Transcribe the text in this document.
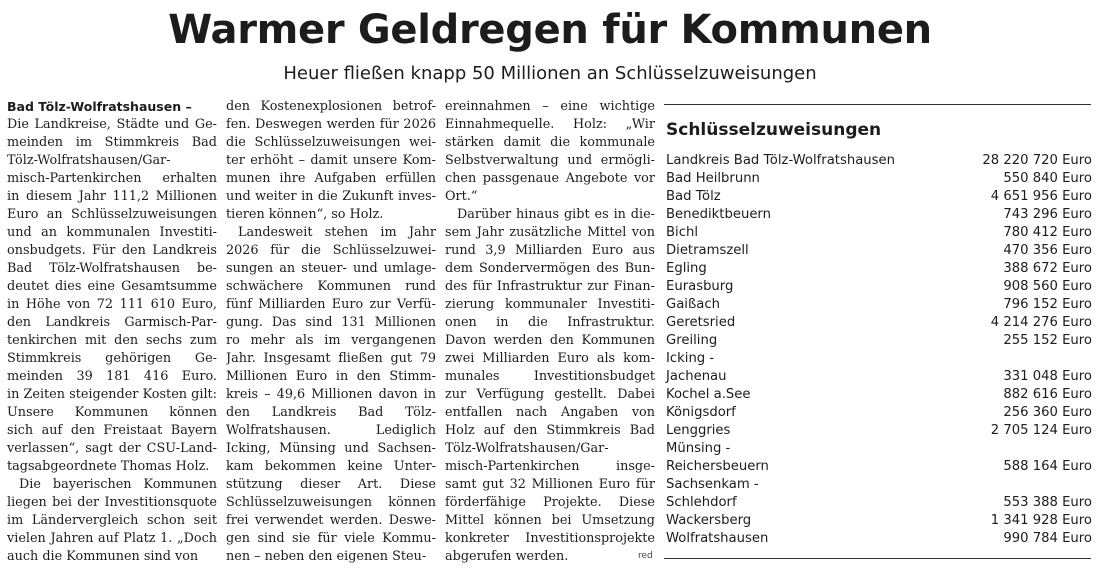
Warmer Geldregen für Kommunen
Heuer fließen knapp 50 Millionen an Schlüsselzuweisungen
Bad Tölz-Wolfratshausen –
Die Landkreise, Städte und Ge-
meinden im Stimmkreis Bad
Tölz-Wolfratshausen/Gar-
misch-Partenkirchen erhalten
in diesem Jahr 111,2 Millionen
Euro an Schlüsselzuweisungen
und an kommunalen Investiti-
onsbudgets. Für den Landkreis
Bad Tölz-Wolfratshausen be-
deutet dies eine Gesamtsumme
in Höhe von 72 111 610 Euro,
den Landkreis Garmisch-Par-
tenkirchen mit den sechs zum
Stimmkreis gehörigen Ge-
meinden 39 181 416 Euro.
in Zeiten steigender Kosten gilt:
Unsere Kommunen können
sich auf den Freistaat Bayern
verlassen“, sagt der CSU-Land-
tagsabgeordnete Thomas Holz.
Die bayerischen Kommunen
liegen bei der Investitionsquote
im Ländervergleich schon seit
vielen Jahren auf Platz 1. „Doch
auch die Kommunen sind von
den Kostenexplosionen betrof-
fen. Deswegen werden für 2026
die Schlüsselzuweisungen wei-
ter erhöht – damit unsere Kom-
munen ihre Aufgaben erfüllen
und weiter in die Zukunft inves-
tieren können“, so Holz.
Landesweit stehen im Jahr
2026 für die Schlüsselzuwei-
sungen an steuer- und umlage-
schwächere Kommunen rund
fünf Milliarden Euro zur Verfü-
gung. Das sind 131 Millionen
ro mehr als im vergangenen
Jahr. Insgesamt fließen gut 79
Millionen Euro in den Stimm-
kreis – 49,6 Millionen davon in
den Landkreis Bad Tölz-
Wolfratshausen. Lediglich
Icking, Münsing und Sachsen-
kam bekommen keine Unter-
stützung dieser Art. Diese
Schlüsselzuweisungen können
frei verwendet werden. Deswe-
gen sind sie für viele Kommu-
nen – neben den eigenen Steu-
ereinnahmen – eine wichtige
Einnahmequelle. Holz: „Wir
stärken damit die kommunale
Selbstverwaltung und ermögli-
chen passgenaue Angebote vor
Ort.“
Darüber hinaus gibt es in die-
sem Jahr zusätzliche Mittel von
rund 3,9 Milliarden Euro aus
dem Sondervermögen des Bun-
des für Infrastruktur zur Finan-
zierung kommunaler Investiti-
onen in die Infrastruktur.
Davon werden den Kommunen
zwei Milliarden Euro als kom-
munales Investitionsbudget
zur Verfügung gestellt. Dabei
entfallen nach Angaben von
Holz auf den Stimmkreis Bad
Tölz-Wolfratshausen/Gar-
misch-Partenkirchen insge-
samt gut 32 Millionen Euro für
förderfähige Projekte. Diese
Mittel können bei Umsetzung
konkreter Investitionsprojekte
abgerufen werden.	red
Schlüsselzuweisungen
Landkreis Bad Tölz-Wolfratshausen	28 220 720 Euro
Bad Heilbrunn	550 840 Euro
Bad Tölz	4 651 956 Euro
Benediktbeuern	743 296 Euro
Bichl	780 412 Euro
Dietramszell	470 356 Euro
Egling	388 672 Euro
Eurasburg	908 560 Euro
Gaißach	796 152 Euro
Geretsried	4 214 276 Euro
Greiling	255 152 Euro
Icking -
Jachenau	331 048 Euro
Kochel a.See	882 616 Euro
Königsdorf	256 360 Euro
Lenggries	2 705 124 Euro
Münsing -
Reichersbeuern	588 164 Euro
Sachsenkam -
Schlehdorf	553 388 Euro
Wackersberg	1 341 928 Euro
Wolfratshausen	990 784 Euro
